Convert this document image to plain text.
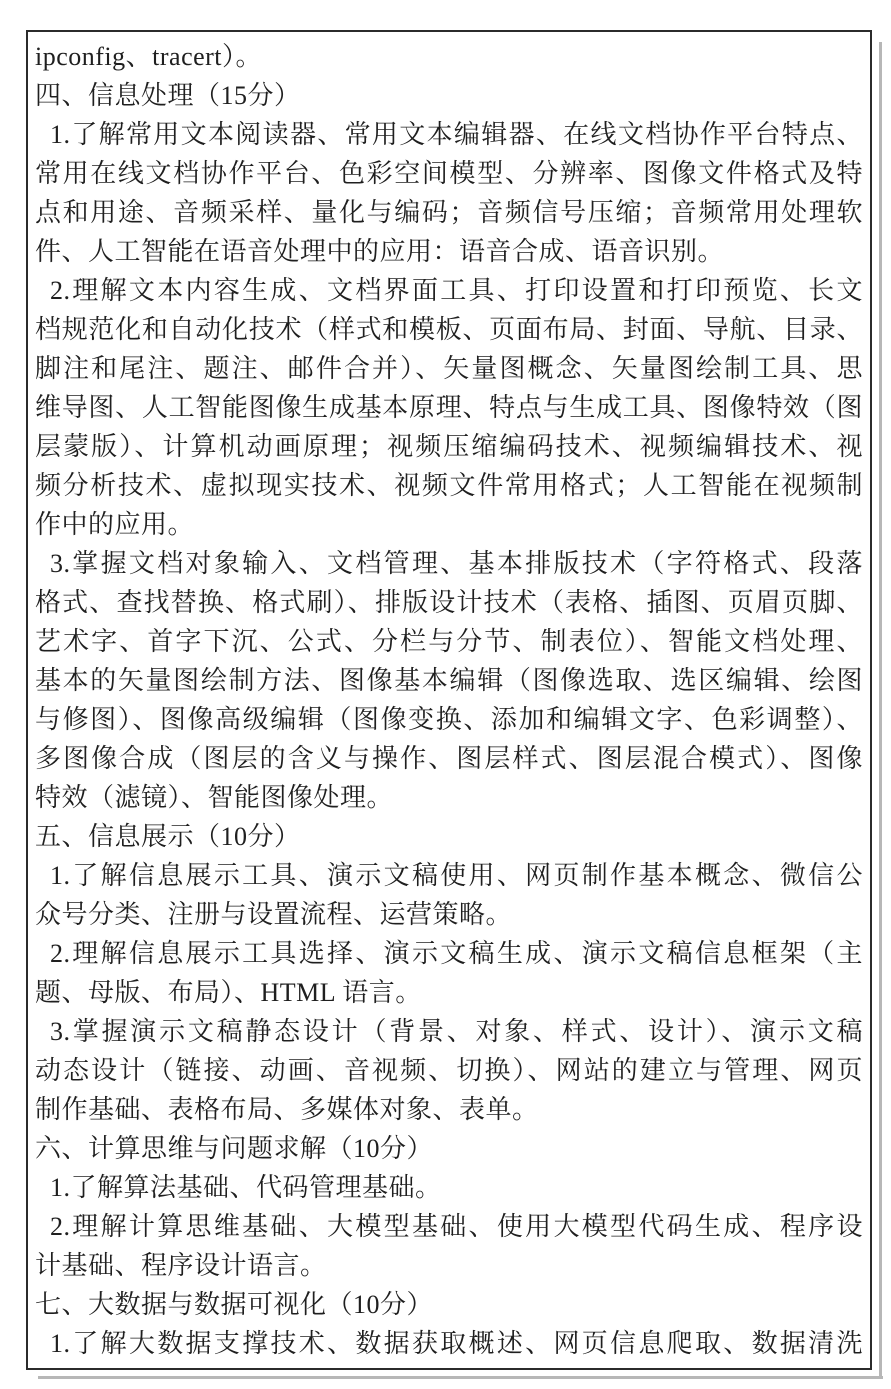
ipconfig、tracert）。
四、信息处理（15分）
1.了解常用文本阅读器、常用文本编辑器、在线文档协作平台特点、
常用在线文档协作平台、色彩空间模型、分辨率、图像文件格式及特
点和用途、音频采样、量化与编码；音频信号压缩；音频常用处理软
件、人工智能在语音处理中的应用：语音合成、语音识别。
2.理解文本内容生成、文档界面工具、打印设置和打印预览、长文
档规范化和自动化技术（样式和模板、页面布局、封面、导航、目录、
脚注和尾注、题注、邮件合并）、矢量图概念、矢量图绘制工具、思
维导图、人工智能图像生成基本原理、特点与生成工具、图像特效（图
层蒙版）、计算机动画原理；视频压缩编码技术、视频编辑技术、视
频分析技术、虚拟现实技术、视频文件常用格式；人工智能在视频制
作中的应用。
3.掌握文档对象输入、文档管理、基本排版技术（字符格式、段落
格式、查找替换、格式刷）、排版设计技术（表格、插图、页眉页脚、
艺术字、首字下沉、公式、分栏与分节、制表位）、智能文档处理、
基本的矢量图绘制方法、图像基本编辑（图像选取、选区编辑、绘图
与修图）、图像高级编辑（图像变换、添加和编辑文字、色彩调整）、
多图像合成（图层的含义与操作、图层样式、图层混合模式）、图像
特效（滤镜）、智能图像处理。
五、信息展示（10分）
1.了解信息展示工具、演示文稿使用、网页制作基本概念、微信公
众号分类、注册与设置流程、运营策略。
2.理解信息展示工具选择、演示文稿生成、演示文稿信息框架（主
题、母版、布局）、HTML 语言。
3.掌握演示文稿静态设计（背景、对象、样式、设计）、演示文稿
动态设计（链接、动画、音视频、切换）、网站的建立与管理、网页
制作基础、表格布局、多媒体对象、表单。
六、计算思维与问题求解（10分）
1.了解算法基础、代码管理基础。
2.理解计算思维基础、大模型基础、使用大模型代码生成、程序设
计基础、程序设计语言。
七、大数据与数据可视化（10分）
1.了解大数据支撑技术、数据获取概述、网页信息爬取、数据清洗
